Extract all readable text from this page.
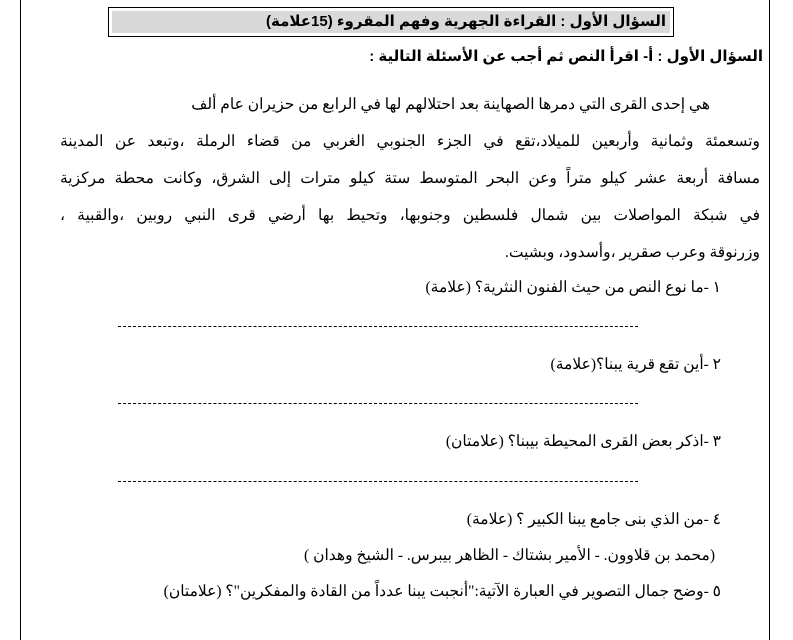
السؤال الأول : القراءة الجهرية وفهم المقروء (15علامة)
السؤال الأول : أ- اقرأ النص ثم أجب عن الأسئلة التالية :
هي إحدى القرى التي دمرها الصهاينة بعد احتلالهم لها في الرابع من حزيران عام ألف
وتسعمئة وثمانية وأربعين للميلاد،تقع في الجزء الجنوبي الغربي من قضاء الرملة ،وتبعد عن المدينة
مسافة أربعة عشر كيلو متراً وعن البحر المتوسط ستة كيلو مترات إلى الشرق، وكانت محطة مركزية
في شبكة المواصلات بين شمال فلسطين وجنوبها، وتحيط بها أرضي قرى النبي روبين ،والقبية ،
وزرنوقة وعرب صقرير ،وأسدود، وبشيت.
١ -ما نوع النص من حيث الفنون النثرية؟ (علامة)
٢ -أين تقع قرية يبنا؟(علامة)
٣ -اذكر بعض القرى المحيطة بيبنا؟ (علامتان)
٤ -من الذي بنى جامع يبنا الكبير ؟ (علامة)
(محمد بن قلاوون. - الأمير بشتاك - الظاهر بيبرس. - الشيخ وهدان )
٥ -وضح جمال التصوير في العبارة الآتية:"أنجبت يبنا عدداً من القادة والمفكرين"؟ (علامتان)
